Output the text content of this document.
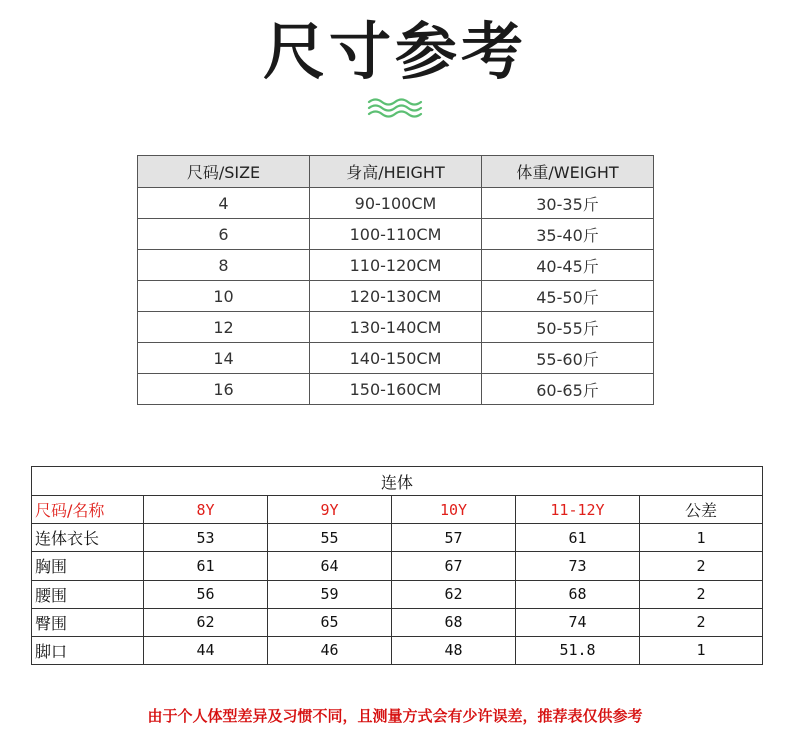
尺寸参考
尺码/SIZE	身高/HEIGHT	体重/WEIGHT
4	90-100CM	30-35斤
6	100-110CM	35-40斤
8	110-120CM	40-45斤
10	120-130CM	45-50斤
12	130-140CM	50-55斤
14	140-150CM	55-60斤
16	150-160CM	60-65斤
连体					
尺码/名称	8Y	9Y	10Y	11-12Y	公差
连体衣长	53	55	57	61	1
胸围	61	64	67	73	2
腰围	56	59	62	68	2
臀围	62	65	68	74	2
脚口	44	46	48	51.8	1
由于个人体型差异及习惯不同，且测量方式会有少许误差，推荐表仅供参考
